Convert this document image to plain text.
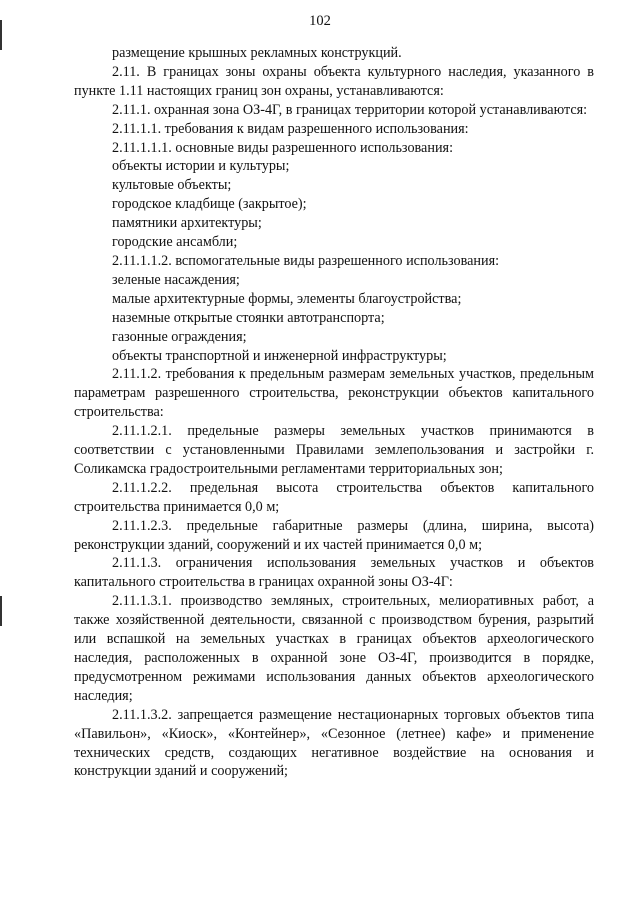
102

размещение крышных рекламных конструкций.

2.11. В границах зоны охраны объекта культурного наследия, указанного в пункте 1.11 настоящих границ зон охраны, устанавливаются:

2.11.1. охранная зона ОЗ-4Г, в границах территории которой устанавливаются:

2.11.1.1. требования к видам разрешенного использования:

2.11.1.1.1. основные виды разрешенного использования:

объекты истории и культуры;

культовые объекты;

городское кладбище (закрытое);

памятники архитектуры;

городские ансамбли;

2.11.1.1.2. вспомогательные виды разрешенного использования:

зеленые насаждения;

малые архитектурные формы, элементы благоустройства;

наземные открытые стоянки автотранспорта;

газонные ограждения;

объекты транспортной и инженерной инфраструктуры;

2.11.1.2. требования к предельным размерам земельных участков, предельным параметрам разрешенного строительства, реконструкции объектов капитального строительства:

2.11.1.2.1. предельные размеры земельных участков принимаются в соответствии с установленными Правилами землепользования и застройки г. Соликамска градостроительными регламентами территориальных зон;

2.11.1.2.2. предельная высота строительства объектов капитального строительства принимается 0,0 м;

2.11.1.2.3. предельные габаритные размеры (длина, ширина, высота) реконструкции зданий, сооружений и их частей принимается 0,0 м;

2.11.1.3. ограничения использования земельных участков и объектов капитального строительства в границах охранной зоны ОЗ-4Г:

2.11.1.3.1. производство земляных, строительных, мелиоративных работ, а также хозяйственной деятельности, связанной с производством бурения, разрытий или вспашкой на земельных участках в границах объектов археологического наследия, расположенных в охранной зоне ОЗ-4Г, производится в порядке, предусмотренном режимами использования данных объектов археологического наследия;

2.11.1.3.2. запрещается размещение нестационарных торговых объектов типа «Павильон», «Киоск», «Контейнер», «Сезонное (летнее) кафе» и применение технических средств, создающих негативное воздействие на основания и конструкции зданий и сооружений;
